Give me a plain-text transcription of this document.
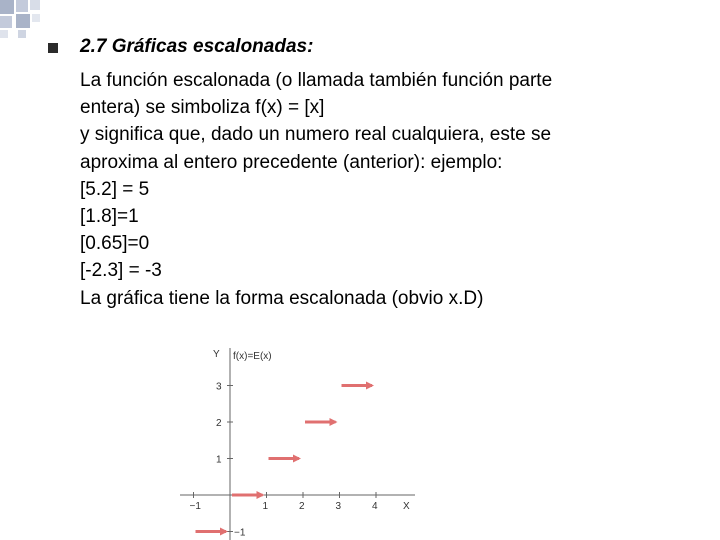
2.7 Gráficas escalonadas:
La función escalonada (o llamada también función parte
entera) se simboliza f(x) = [x]
y significa que, dado un numero real cualquiera, este se
aproxima al entero precedente (anterior): ejemplo:
[5.2] = 5
[1.8]=1
[0.65]=0
[-2.3] = -3
La gráfica tiene la forma escalonada (obvio x.D)
Y f(x)=E(x)
X
−1	1	2	3	4
3
2
1
−1
